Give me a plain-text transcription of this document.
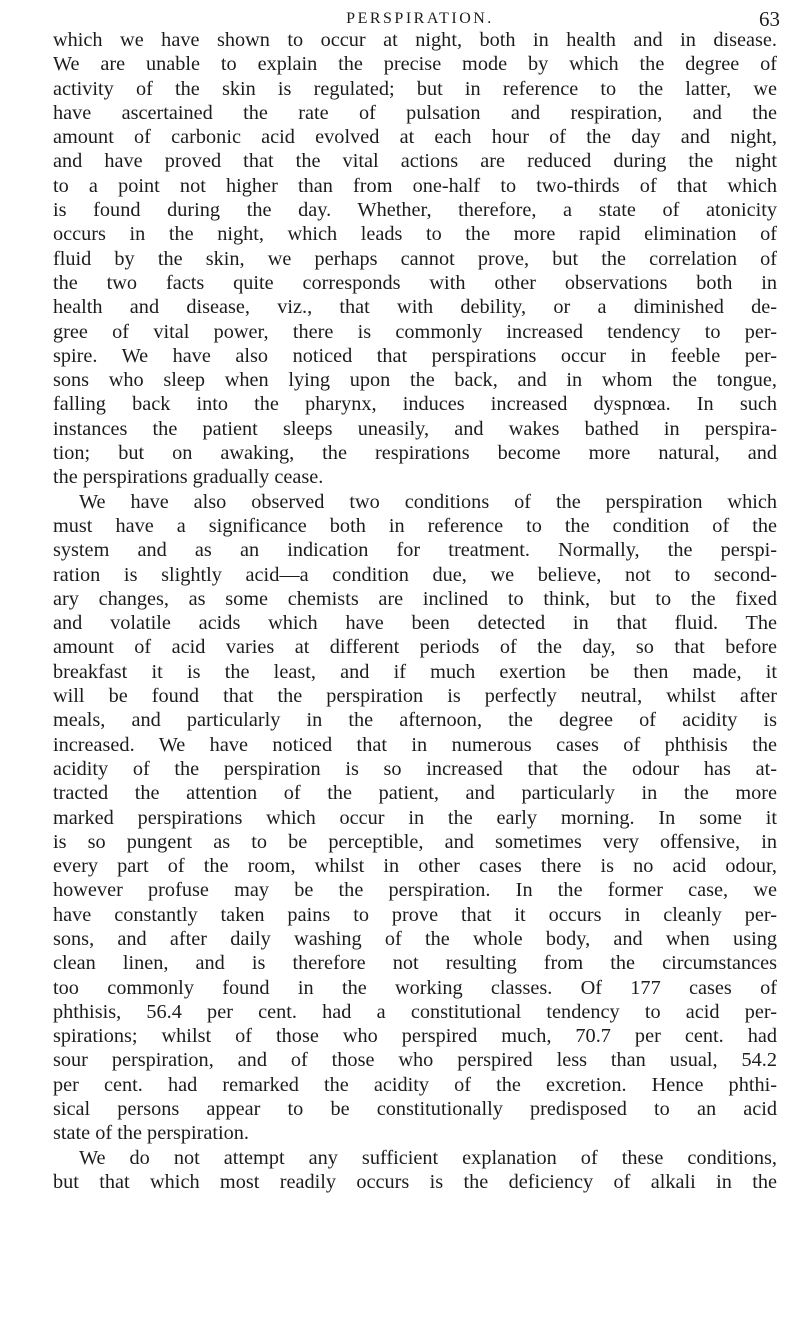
PERSPIRATION.	63
which we have shown to occur at night, both in health and in disease.
We are unable to explain the precise mode by which the degree of
activity of the skin is regulated; but in reference to the latter, we
have ascertained the rate of pulsation and respiration, and the
amount of carbonic acid evolved at each hour of the day and night,
and have proved that the vital actions are reduced during the night
to a point not higher than from one-half to two-thirds of that which
is found during the day. Whether, therefore, a state of atonicity
occurs in the night, which leads to the more rapid elimination of
fluid by the skin, we perhaps cannot prove, but the correlation of
the two facts quite corresponds with other observations both in
health and disease, viz., that with debility, or a diminished de-
gree of vital power, there is commonly increased tendency to per-
spire. We have also noticed that perspirations occur in feeble per-
sons who sleep when lying upon the back, and in whom the tongue,
falling back into the pharynx, induces increased dyspnœa. In such
instances the patient sleeps uneasily, and wakes bathed in perspira-
tion; but on awaking, the respirations become more natural, and
the perspirations gradually cease.
We have also observed two conditions of the perspiration which
must have a significance both in reference to the condition of the
system and as an indication for treatment. Normally, the perspi-
ration is slightly acid—a condition due, we believe, not to second-
ary changes, as some chemists are inclined to think, but to the fixed
and volatile acids which have been detected in that fluid. The
amount of acid varies at different periods of the day, so that before
breakfast it is the least, and if much exertion be then made, it
will be found that the perspiration is perfectly neutral, whilst after
meals, and particularly in the afternoon, the degree of acidity is
increased. We have noticed that in numerous cases of phthisis the
acidity of the perspiration is so increased that the odour has at-
tracted the attention of the patient, and particularly in the more
marked perspirations which occur in the early morning. In some it
is so pungent as to be perceptible, and sometimes very offensive, in
every part of the room, whilst in other cases there is no acid odour,
however profuse may be the perspiration. In the former case, we
have constantly taken pains to prove that it occurs in cleanly per-
sons, and after daily washing of the whole body, and when using
clean linen, and is therefore not resulting from the circumstances
too commonly found in the working classes. Of 177 cases of
phthisis, 56.4 per cent. had a constitutional tendency to acid per-
spirations; whilst of those who perspired much, 70.7 per cent. had
sour perspiration, and of those who perspired less than usual, 54.2
per cent. had remarked the acidity of the excretion. Hence phthi-
sical persons appear to be constitutionally predisposed to an acid
state of the perspiration.
We do not attempt any sufficient explanation of these conditions,
but that which most readily occurs is the deficiency of alkali in the
